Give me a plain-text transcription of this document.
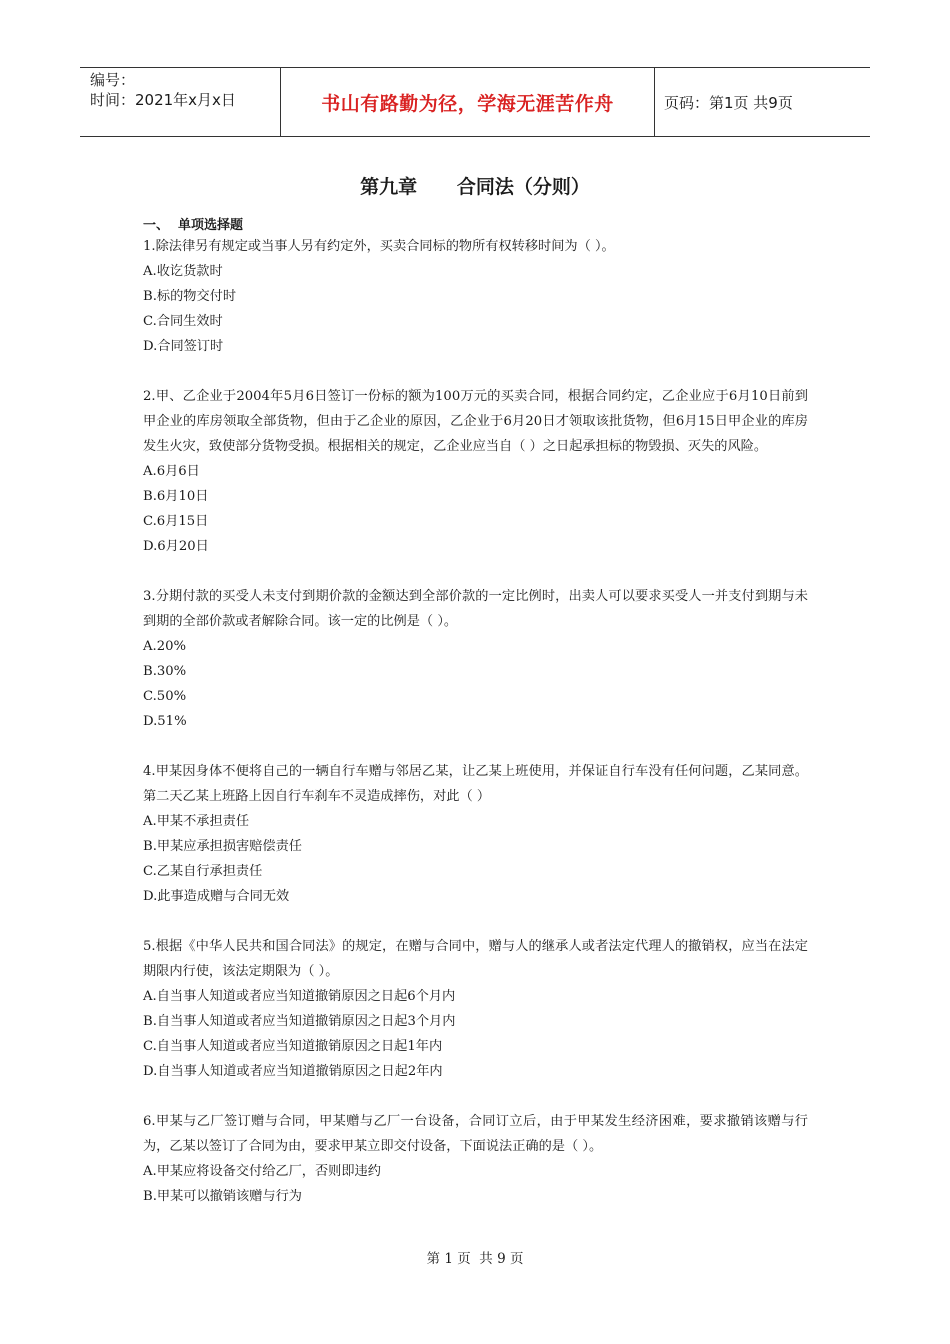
编号：
时间：2021年x月x日	书山有路勤为径，学海无涯苦作舟	页码：第1页 共9页
第九章      合同法（分则）
一、  单项选择题
1.除法律另有规定或当事人另有约定外，买卖合同标的物所有权转移时间为（ ）。
A.收讫货款时
B.标的物交付时
C.合同生效时
D.合同签订时
2.甲、乙企业于2004年5月6日签订一份标的额为100万元的买卖合同，根据合同约定，乙企业应于6月10日前到甲企业的库房领取全部货物，但由于乙企业的原因，乙企业于6月20日才领取该批货物，但6月15日甲企业的库房发生火灾，致使部分货物受损。根据相关的规定，乙企业应当自（ ）之日起承担标的物毁损、灭失的风险。
A.6月6日
B.6月10日
C.6月15日
D.6月20日
3.分期付款的买受人未支付到期价款的金额达到全部价款的一定比例时，出卖人可以要求买受人一并支付到期与未到期的全部价款或者解除合同。该一定的比例是（ ）。
A.20%
B.30%
C.50%
D.51%
4.甲某因身体不便将自己的一辆自行车赠与邻居乙某，让乙某上班使用，并保证自行车没有任何问题，乙某同意。第二天乙某上班路上因自行车刹车不灵造成摔伤，对此（ ）
A.甲某不承担责任
B.甲某应承担损害赔偿责任
C.乙某自行承担责任
D.此事造成赠与合同无效
5.根据《中华人民共和国合同法》的规定，在赠与合同中，赠与人的继承人或者法定代理人的撤销权，应当在法定期限内行使，该法定期限为（ ）。
A.自当事人知道或者应当知道撤销原因之日起6个月内
B.自当事人知道或者应当知道撤销原因之日起3个月内
C.自当事人知道或者应当知道撤销原因之日起1年内
D.自当事人知道或者应当知道撤销原因之日起2年内
6.甲某与乙厂签订赠与合同，甲某赠与乙厂一台设备，合同订立后，由于甲某发生经济困难，要求撤销该赠与行为，乙某以签订了合同为由，要求甲某立即交付设备，下面说法正确的是（ ）。
A.甲某应将设备交付给乙厂，否则即违约
B.甲某可以撤销该赠与行为
第 1 页  共 9 页
